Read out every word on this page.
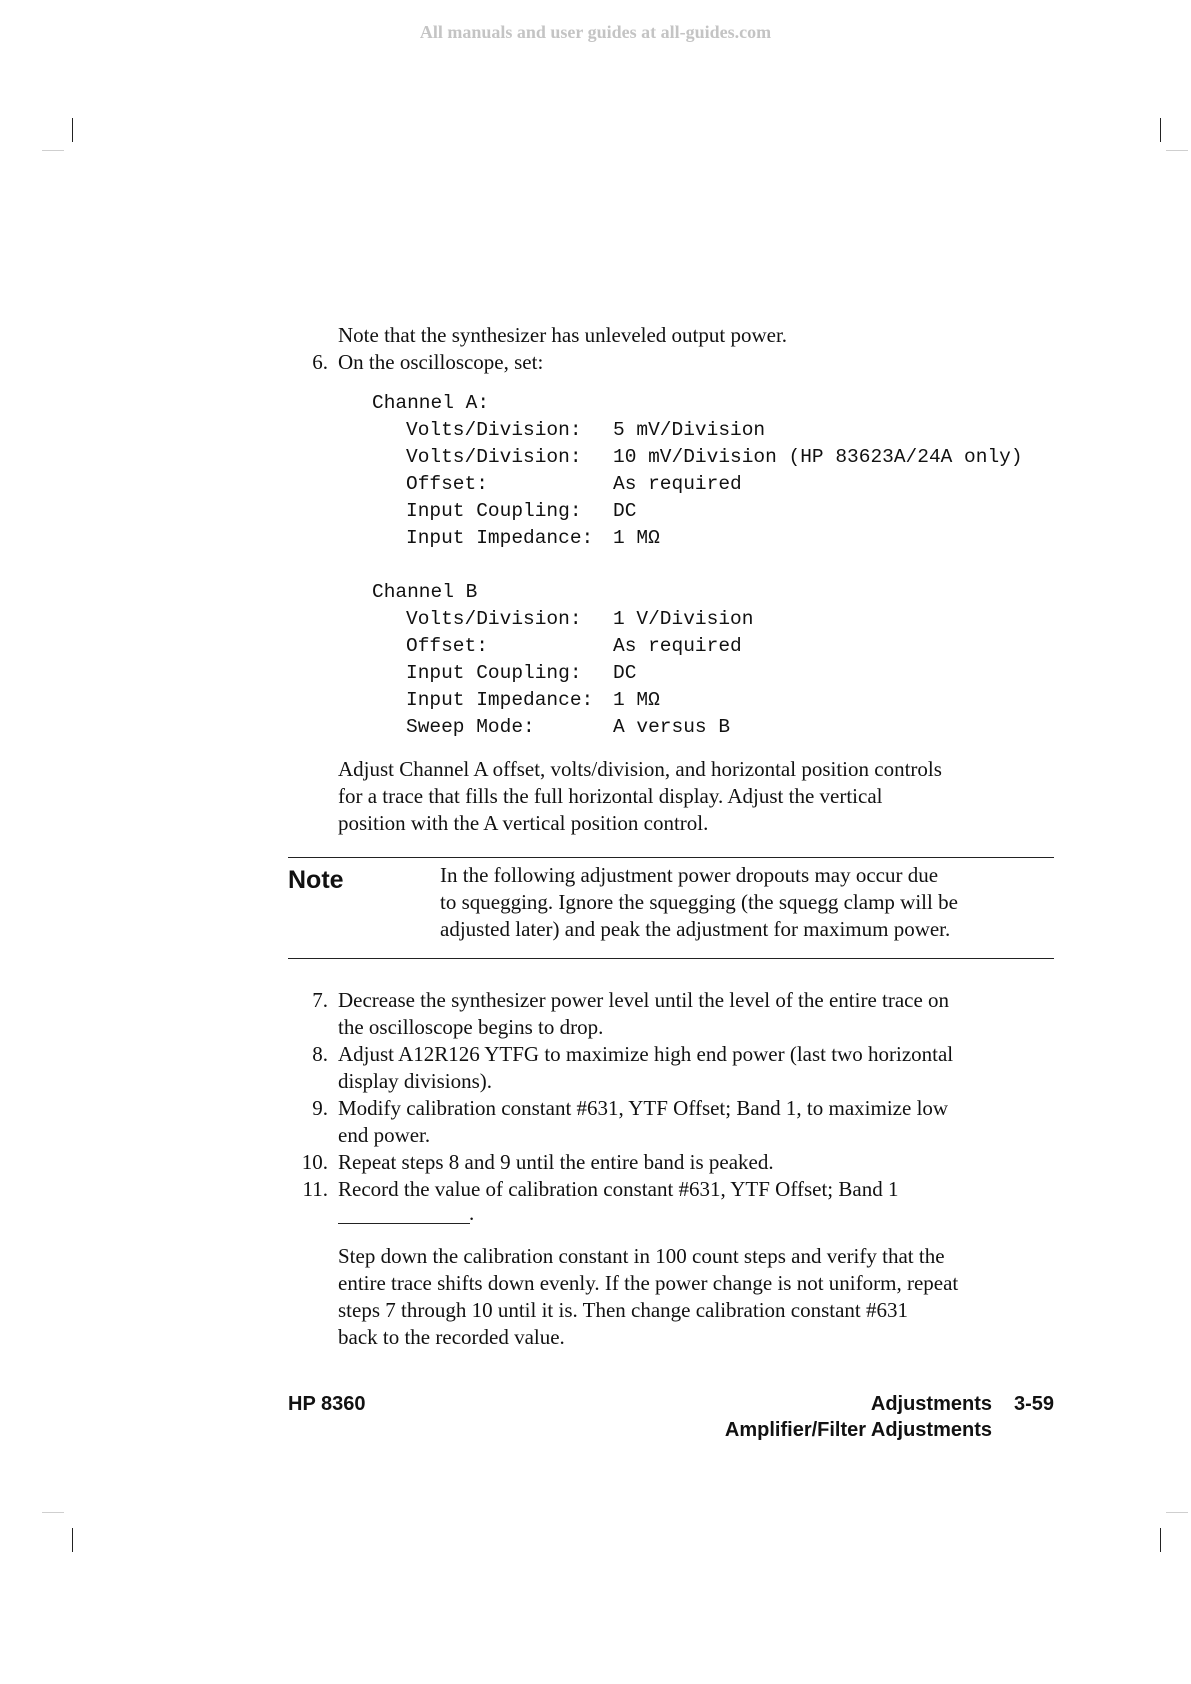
All manuals and user guides at all-guides.com
Note that the synthesizer has unleveled output power.
6. On the oscilloscope, set:
Channel A:
Volts/Division: 5 mV/Division
Volts/Division: 10 mV/Division (HP 83623A/24A only)
Offset:	As required
Input Coupling: DC
Input Impedance: 1 MΩ
Channel B
Volts/Division: 1 V/Division
Offset:	As required
Input Coupling: DC
Input Impedance: 1 MΩ
Sweep Mode:	A versus B
Adjust Channel A offset, volts/division, and horizontal position controls
for a trace that fills the full horizontal display. Adjust the vertical
position with the A vertical position control.
Note	In the following adjustment power dropouts may occur due
to squegging. Ignore the squegging (the squegg clamp will be
adjusted later) and peak the adjustment for maximum power.
7. Decrease the synthesizer power level until the level of the entire trace on
the oscilloscope begins to drop.
8. Adjust A12R126 YTFG to maximize high end power (last two horizontal
display divisions).
9. Modify calibration constant #631, YTF Offset; Band 1, to maximize low
end power.
10. Repeat steps 8 and 9 until the entire band is peaked.
11. Record the value of calibration constant #631, YTF Offset; Band 1
.
Step down the calibration constant in 100 count steps and verify that the
entire trace shifts down evenly. If the power change is not uniform, repeat
steps 7 through 10 until it is. Then change calibration constant #631
back to the recorded value.
HP 8360	Adjustments 3-59
Amplifier/Filter Adjustments
